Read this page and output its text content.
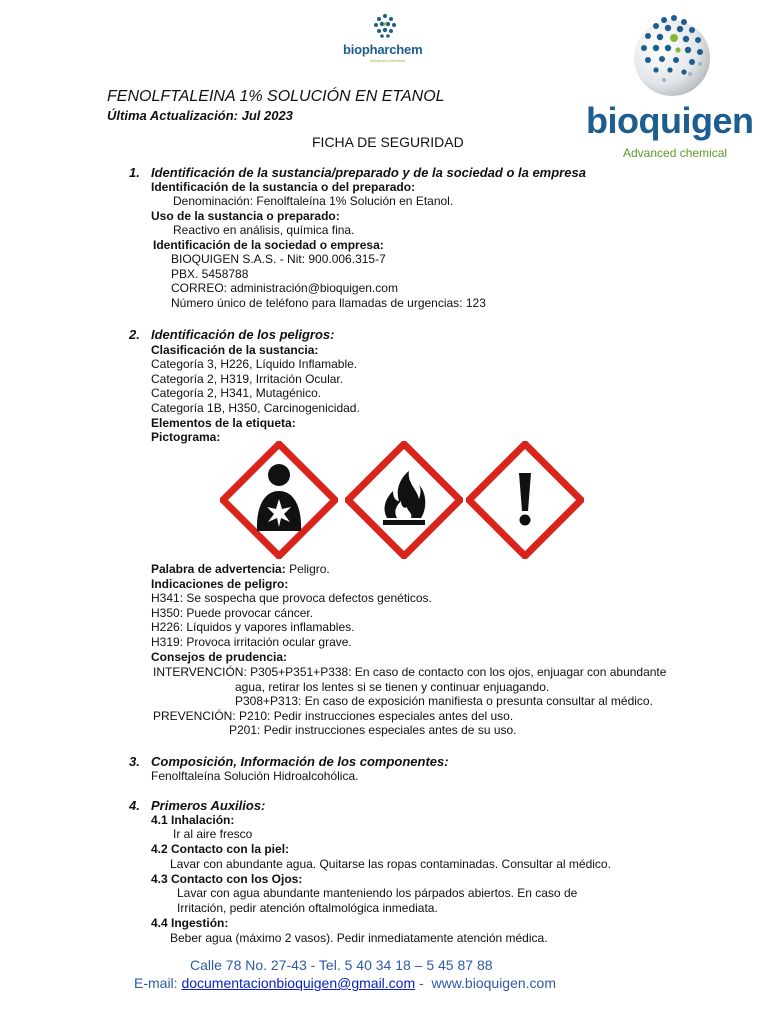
biopharchem
Advanced chemical
bioquigen
Advanced chemical
FENOLFTALEINA 1% SOLUCIÓN EN ETANOL
Última Actualización: Jul 2023
FICHA DE SEGURIDAD
1. Identificación de la sustancia/preparado y de la sociedad o la empresa
Identificación de la sustancia o del preparado:
Denominación: Fenolftaleína 1% Solución en Etanol.
Uso de la sustancia o preparado:
Reactivo en análisis, química fina.
Identificación de la sociedad o empresa:
BIOQUIGEN S.A.S. - Nit: 900.006.315-7
PBX. 5458788
CORREO: administración@bioquigen.com
Número único de teléfono para llamadas de urgencias: 123
2. Identificación de los peligros:
Clasificación de la sustancia:
Categoría 3, H226, Líquido Inflamable.
Categoría 2, H319, Irritación Ocular.
Categoría 2, H341, Mutagénico.
Categoría 1B, H350, Carcinogenicidad.
Elementos de la etiqueta:
Pictograma:
Palabra de advertencia: Peligro.
Indicaciones de peligro:
H341: Se sospecha que provoca defectos genéticos.
H350: Puede provocar cáncer.
H226: Líquidos y vapores inflamables.
H319: Provoca irritación ocular grave.
Consejos de prudencia:
INTERVENCIÓN: P305+P351+P338: En caso de contacto con los ojos, enjuagar con abundante
agua, retirar los lentes si se tienen y continuar enjuagando.
P308+P313: En caso de exposición manifiesta o presunta consultar al médico.
PREVENCIÓN: P210: Pedir instrucciones especiales antes del uso.
P201: Pedir instrucciones especiales antes de su uso.
3. Composición, Información de los componentes:
Fenolftaleína Solución Hidroalcohólica.
4. Primeros Auxilios:
4.1 Inhalación:
Ir al aire fresco
4.2 Contacto con la piel:
Lavar con abundante agua. Quitarse las ropas contaminadas. Consultar al médico.
4.3 Contacto con los Ojos:
Lavar con agua abundante manteniendo los párpados abiertos. En caso de
Irritación, pedir atención oftalmológica inmediata.
4.4 Ingestión:
Beber agua (máximo 2 vasos). Pedir inmediatamente atención médica.
Calle 78 No. 27-43 - Tel. 5 40 34 18 – 5 45 87 88
E-mail: documentacionbioquigen@gmail.com -  www.bioquigen.com
